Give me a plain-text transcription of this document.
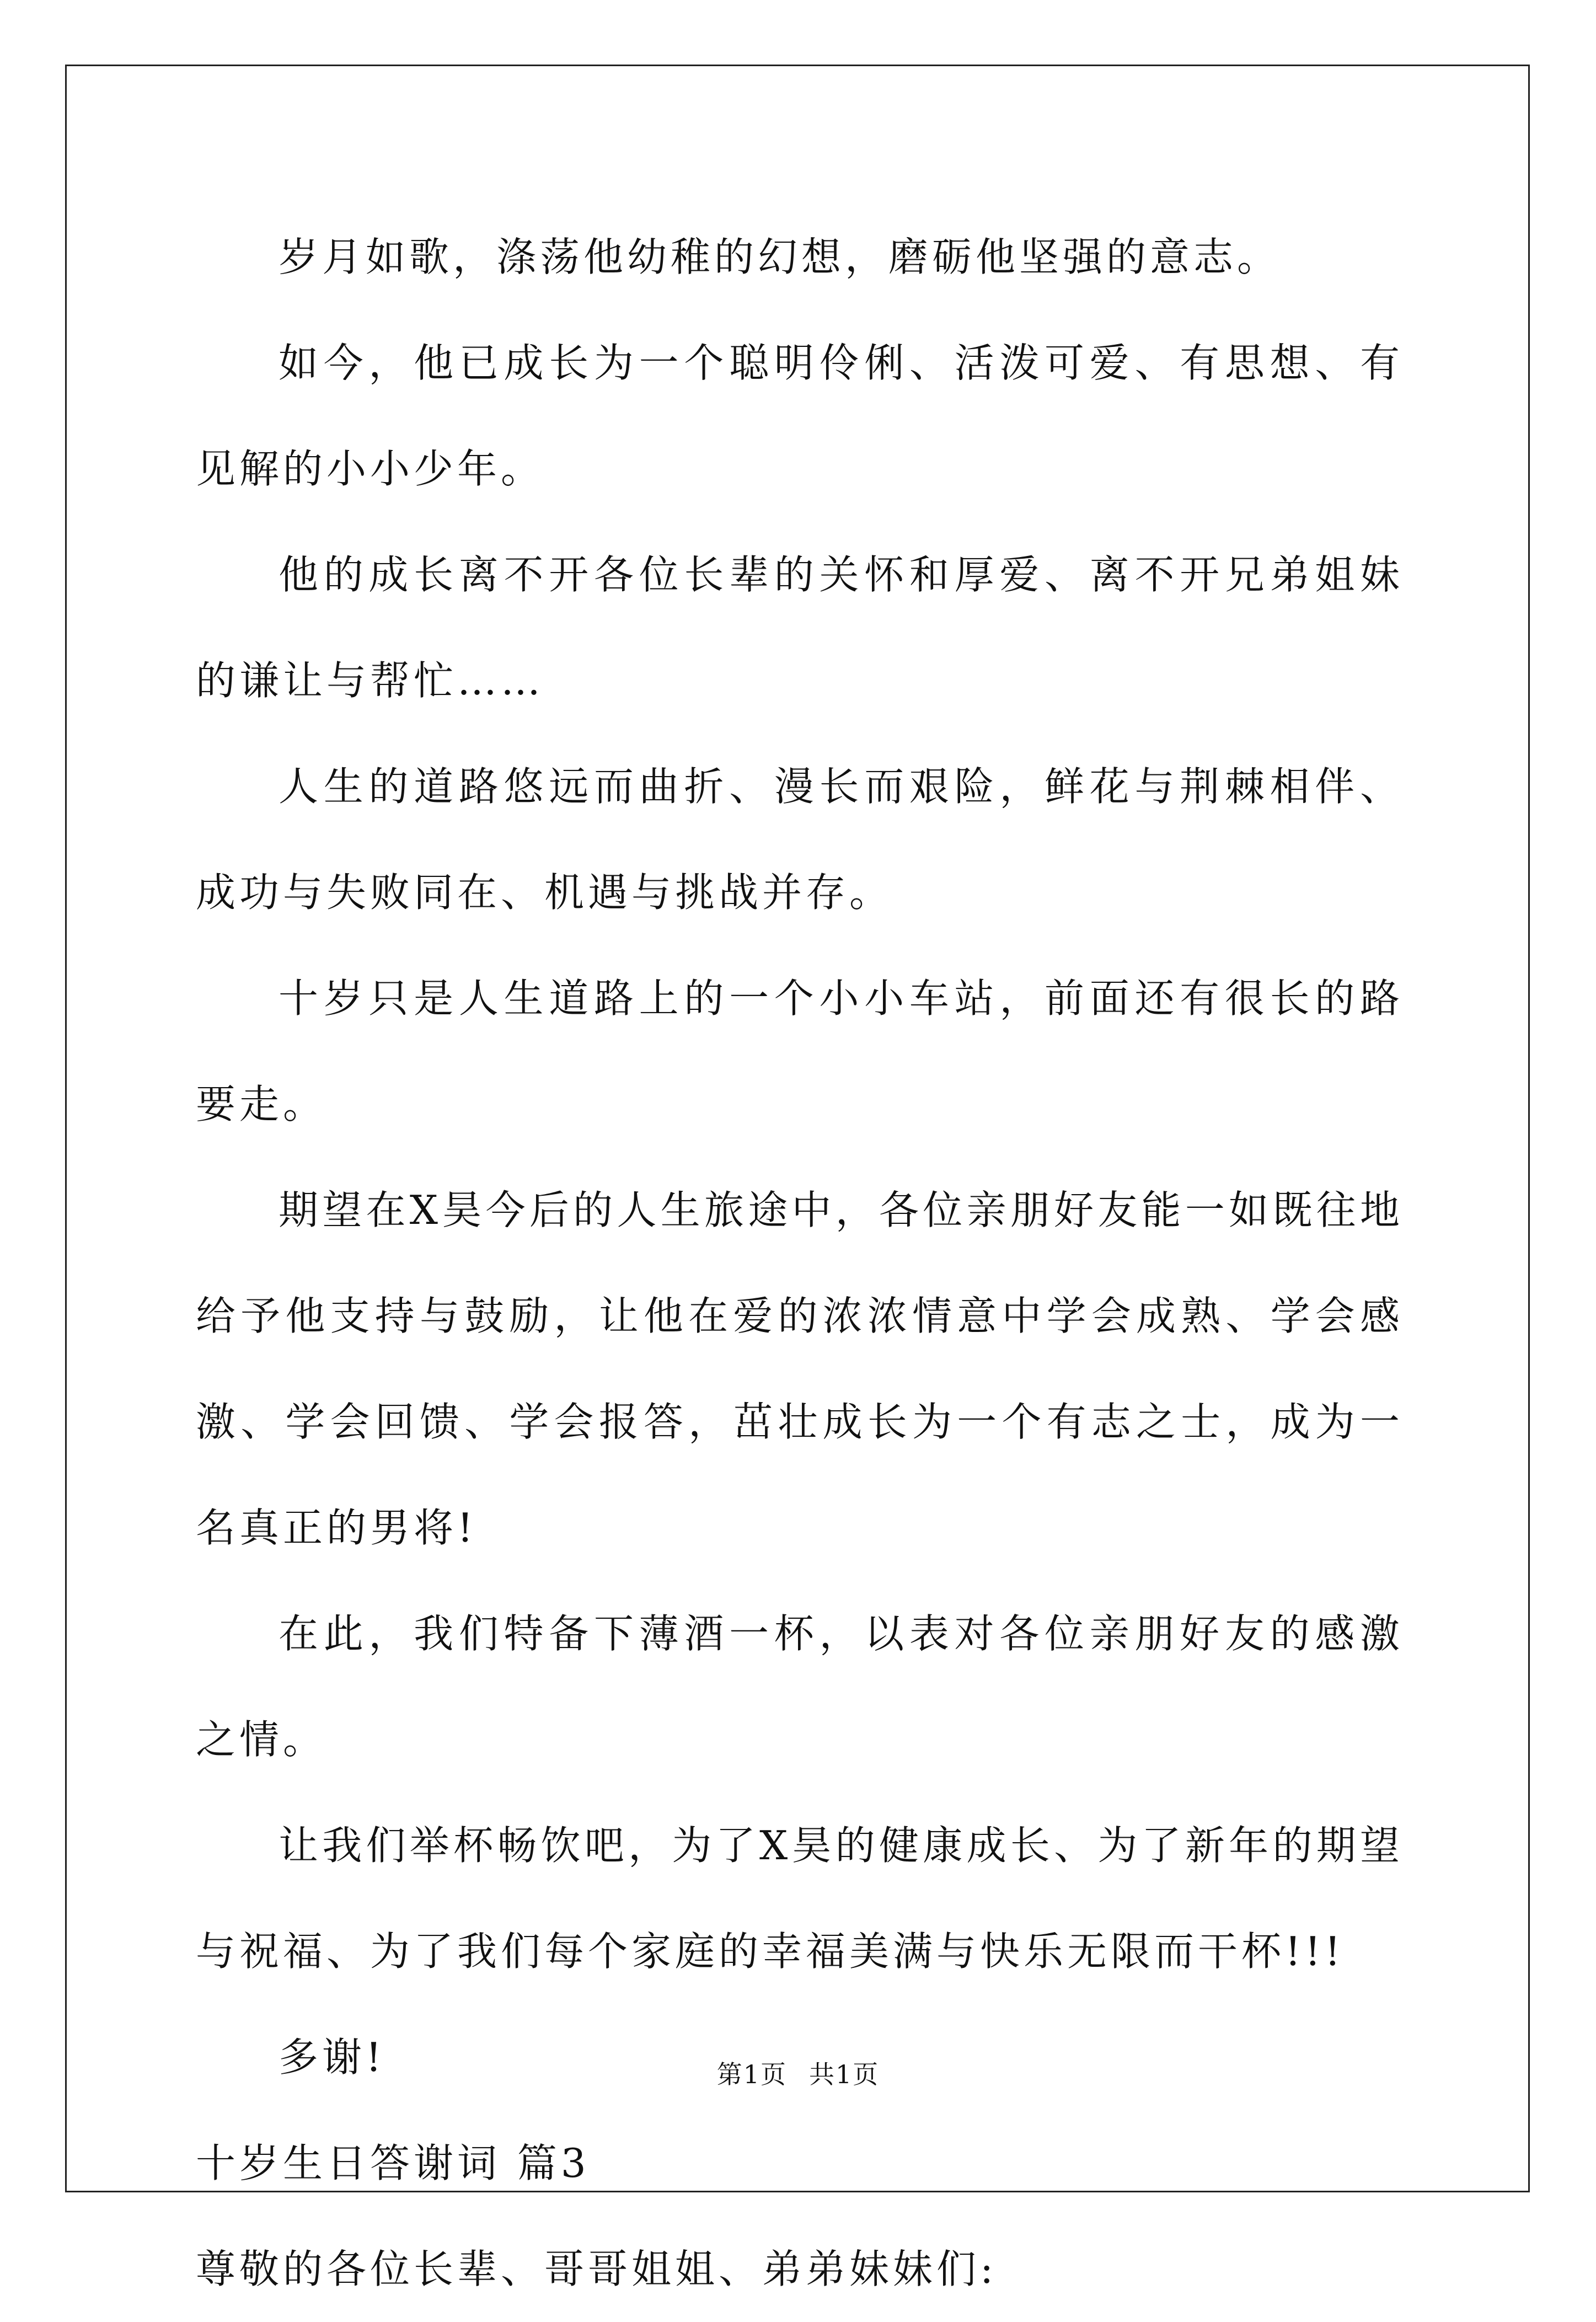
岁月如歌，涤荡他幼稚的幻想，磨砺他坚强的意志。

如今，他已成长为一个聪明伶俐、活泼可爱、有思想、有见解的小小少年。

他的成长离不开各位长辈的关怀和厚爱、离不开兄弟姐妹的谦让与帮忙……

人生的道路悠远而曲折、漫长而艰险，鲜花与荆棘相伴、成功与失败同在、机遇与挑战并存。

十岁只是人生道路上的一个小小车站，前面还有很长的路要走。

期望在X昊今后的人生旅途中，各位亲朋好友能一如既往地给予他支持与鼓励，让他在爱的浓浓情意中学会成熟、学会感激、学会回馈、学会报答，茁壮成长为一个有志之士，成为一名真正的男将!

在此，我们特备下薄酒一杯，以表对各位亲朋好友的感激之情。

让我们举杯畅饮吧，为了X昊的健康成长、为了新年的期望与祝福、为了我们每个家庭的幸福美满与快乐无限而干杯!!!

多谢!

十岁生日答谢词 篇3

尊敬的各位长辈、哥哥姐姐、弟弟妹妹们:

第1页 共1页
